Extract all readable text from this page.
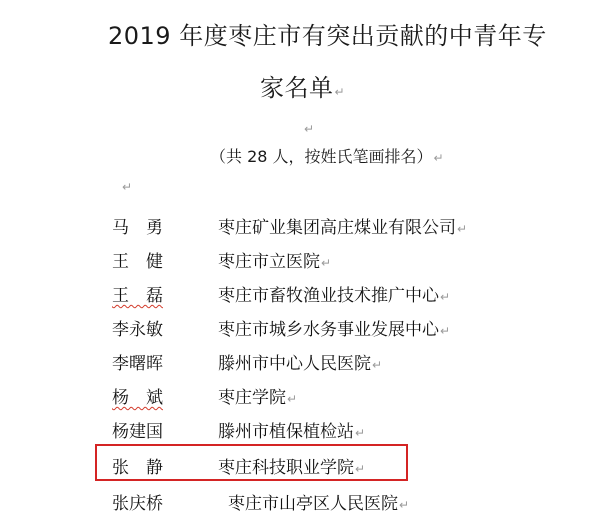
2019 年度枣庄市有突出贡献的中青年专
家名单↵
↵
（共 28 人，按姓氏笔画排名）↵
↵
马　勇	枣庄矿业集团高庄煤业有限公司↵
王　健	枣庄市立医院↵
王　磊	枣庄市畜牧渔业技术推广中心↵
李永敏	枣庄市城乡水务事业发展中心↵
李曙晖	滕州市中心人民医院↵
杨　斌	枣庄学院↵
杨建国	滕州市植保植检站↵
张　静	枣庄科技职业学院↵
张庆桥	枣庄市山亭区人民医院↵
